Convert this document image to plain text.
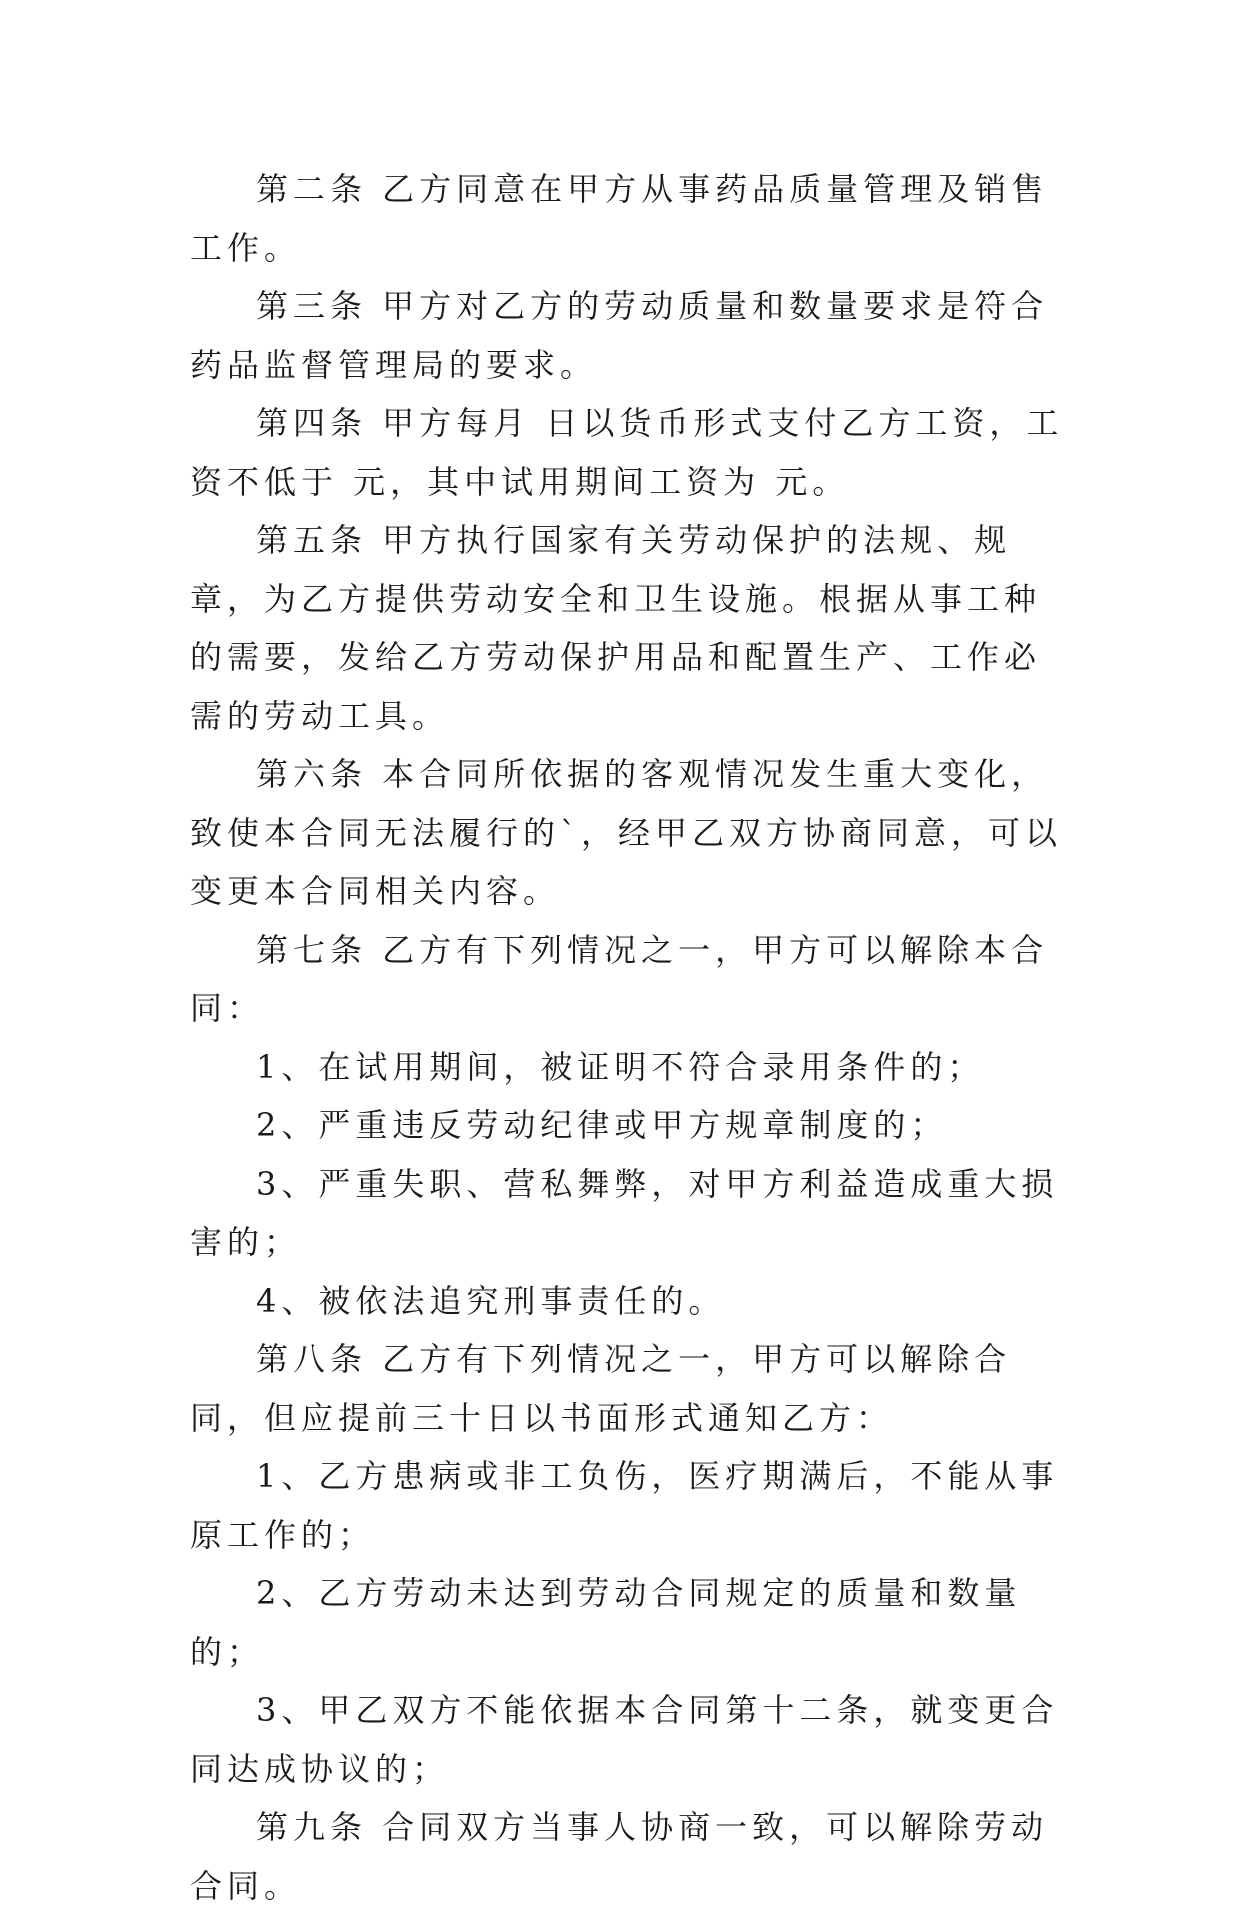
第二条 乙方同意在甲方从事药品质量管理及销售工作。

第三条 甲方对乙方的劳动质量和数量要求是符合药品监督管理局的要求。

第四条 甲方每月 日以货币形式支付乙方工资，工资不低于 元，其中试用期间工资为 元。

第五条 甲方执行国家有关劳动保护的法规、规章，为乙方提供劳动安全和卫生设施。根据从事工种的需要，发给乙方劳动保护用品和配置生产、工作必需的劳动工具。

第六条 本合同所依据的客观情况发生重大变化，致使本合同无法履行的`，经甲乙双方协商同意，可以变更本合同相关内容。

第七条 乙方有下列情况之一，甲方可以解除本合同：

1、在试用期间，被证明不符合录用条件的；

2、严重违反劳动纪律或甲方规章制度的；

3、严重失职、营私舞弊，对甲方利益造成重大损害的；

4、被依法追究刑事责任的。

第八条 乙方有下列情况之一，甲方可以解除合同，但应提前三十日以书面形式通知乙方：

1、乙方患病或非工负伤，医疗期满后，不能从事原工作的；

2、乙方劳动未达到劳动合同规定的质量和数量的；

3、甲乙双方不能依据本合同第十二条，就变更合同达成协议的；

第九条 合同双方当事人协商一致，可以解除劳动合同。
